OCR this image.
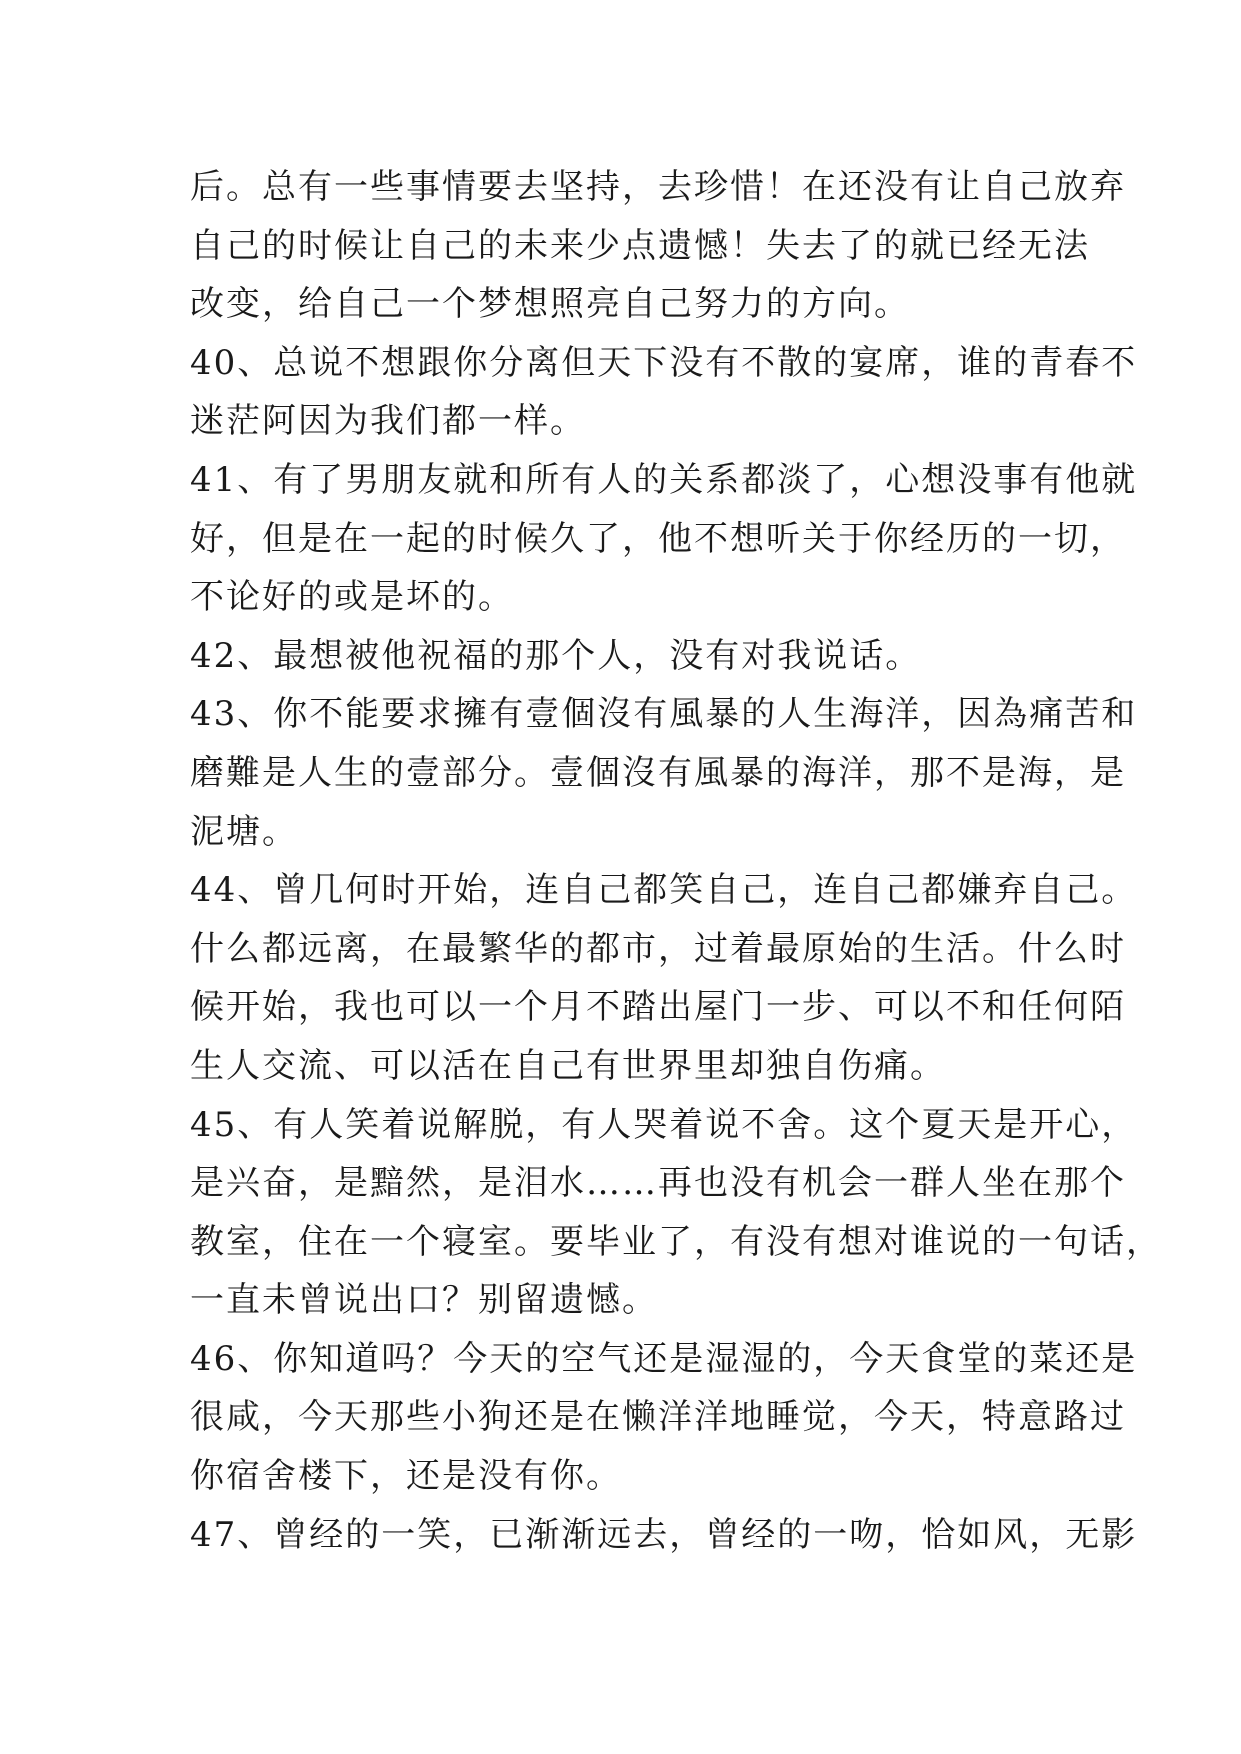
后。总有一些事情要去坚持，去珍惜！在还没有让自己放弃
自己的时候让自己的未来少点遗憾！失去了的就已经无法
改变，给自己一个梦想照亮自己努力的方向。
40、总说不想跟你分离但天下没有不散的宴席，谁的青春不
迷茫阿因为我们都一样。
41、有了男朋友就和所有人的关系都淡了，心想没事有他就
好，但是在一起的时候久了，他不想听关于你经历的一切，
不论好的或是坏的。
42、最想被他祝福的那个人，没有对我说话。
43、你不能要求擁有壹個沒有風暴的人生海洋，因為痛苦和
磨難是人生的壹部分。壹個沒有風暴的海洋，那不是海，是
泥塘。
44、曾几何时开始，连自己都笑自己，连自己都嫌弃自己。
什么都远离，在最繁华的都市，过着最原始的生活。什么时
候开始，我也可以一个月不踏出屋门一步、可以不和任何陌
生人交流、可以活在自己有世界里却独自伤痛。
45、有人笑着说解脱，有人哭着说不舍。这个夏天是开心，
是兴奋，是黯然，是泪水……再也没有机会一群人坐在那个
教室，住在一个寝室。要毕业了，有没有想对谁说的一句话，
一直未曾说出口？别留遗憾。
46、你知道吗？今天的空气还是湿湿的，今天食堂的菜还是
很咸，今天那些小狗还是在懒洋洋地睡觉，今天，特意路过
你宿舍楼下，还是没有你。
47、曾经的一笑，已渐渐远去，曾经的一吻，恰如风，无影
